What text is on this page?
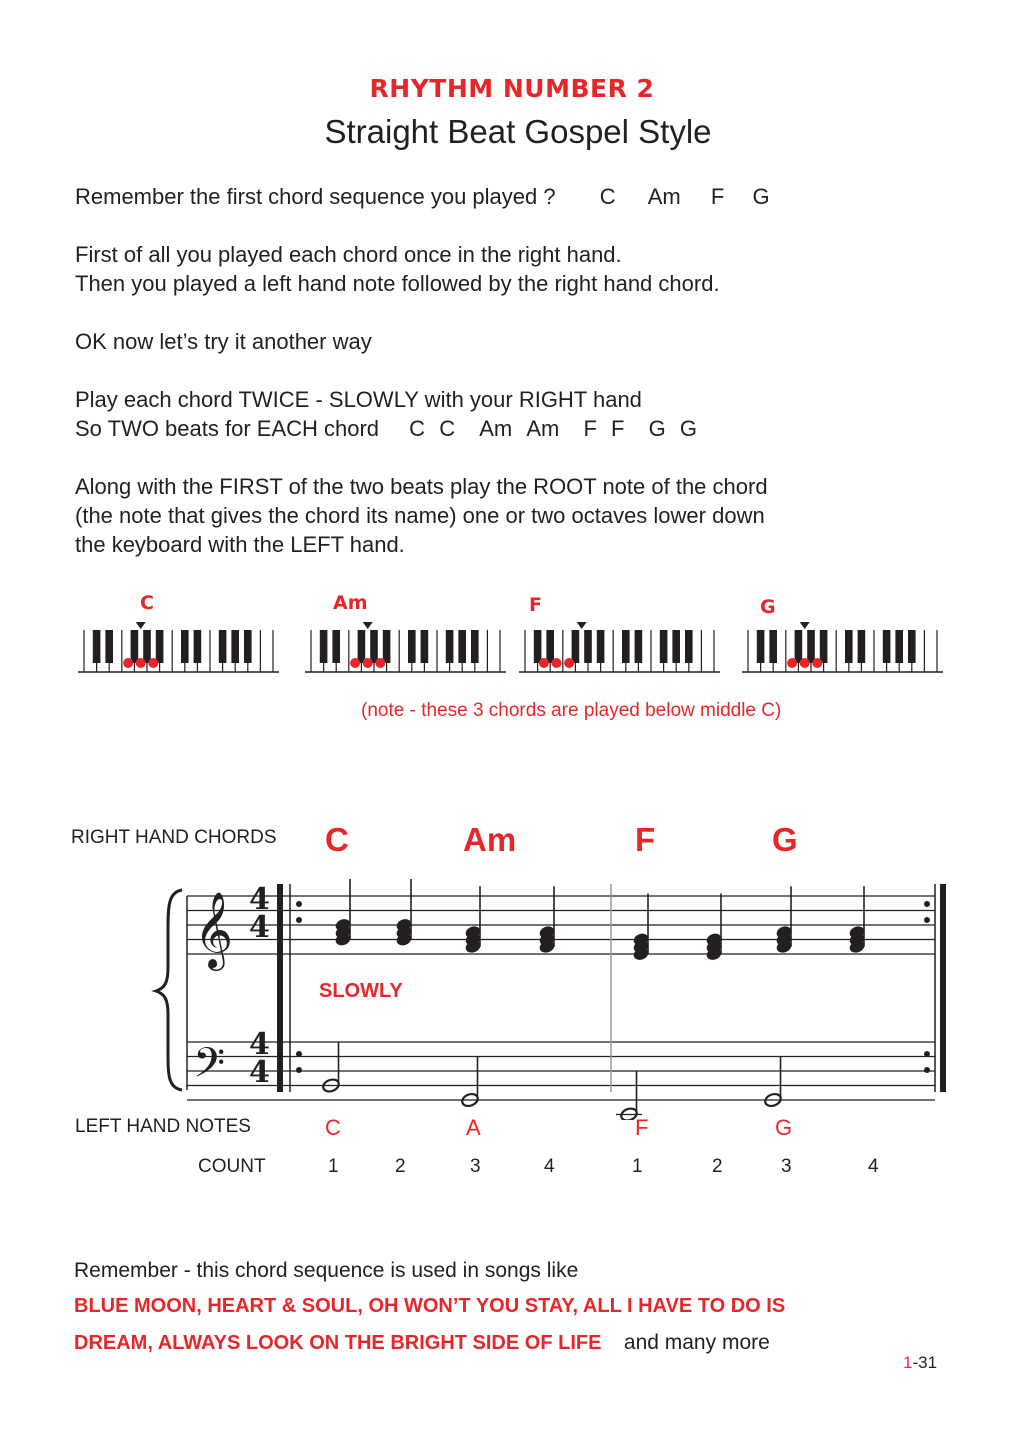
RHYTHM NUMBER 2
Straight Beat Gospel Style
Remember the first chord sequence you played ? C Am F G
First of all you played each chord once in the right hand.
Then you played a left hand note followed by the right hand chord.
OK now let’s try it another way
Play each chord TWICE - SLOWLY with your RIGHT hand
So TWO beats for EACH chord C C Am Am F F G G
Along with the FIRST of the two beats play the ROOT note of the chord
(the note that gives the chord its name) one or two octaves lower down
the keyboard with the LEFT hand.
C	Am	F	G
(note - these 3 chords are played below middle C)
RIGHT HAND CHORDS C	Am	F	G
𝄞
𝄢
4
4
4
4
SLOWLY
LEFT HAND NOTES	C	A	F	G
COUNT	1	2	3	4	1	2	3	4
Remember - this chord sequence is used in songs like
BLUE MOON, HEART & SOUL, OH WON’T YOU STAY, ALL I HAVE TO DO IS
DREAM, ALWAYS LOOK ON THE BRIGHT SIDE OF LIFE and many more
1-31
